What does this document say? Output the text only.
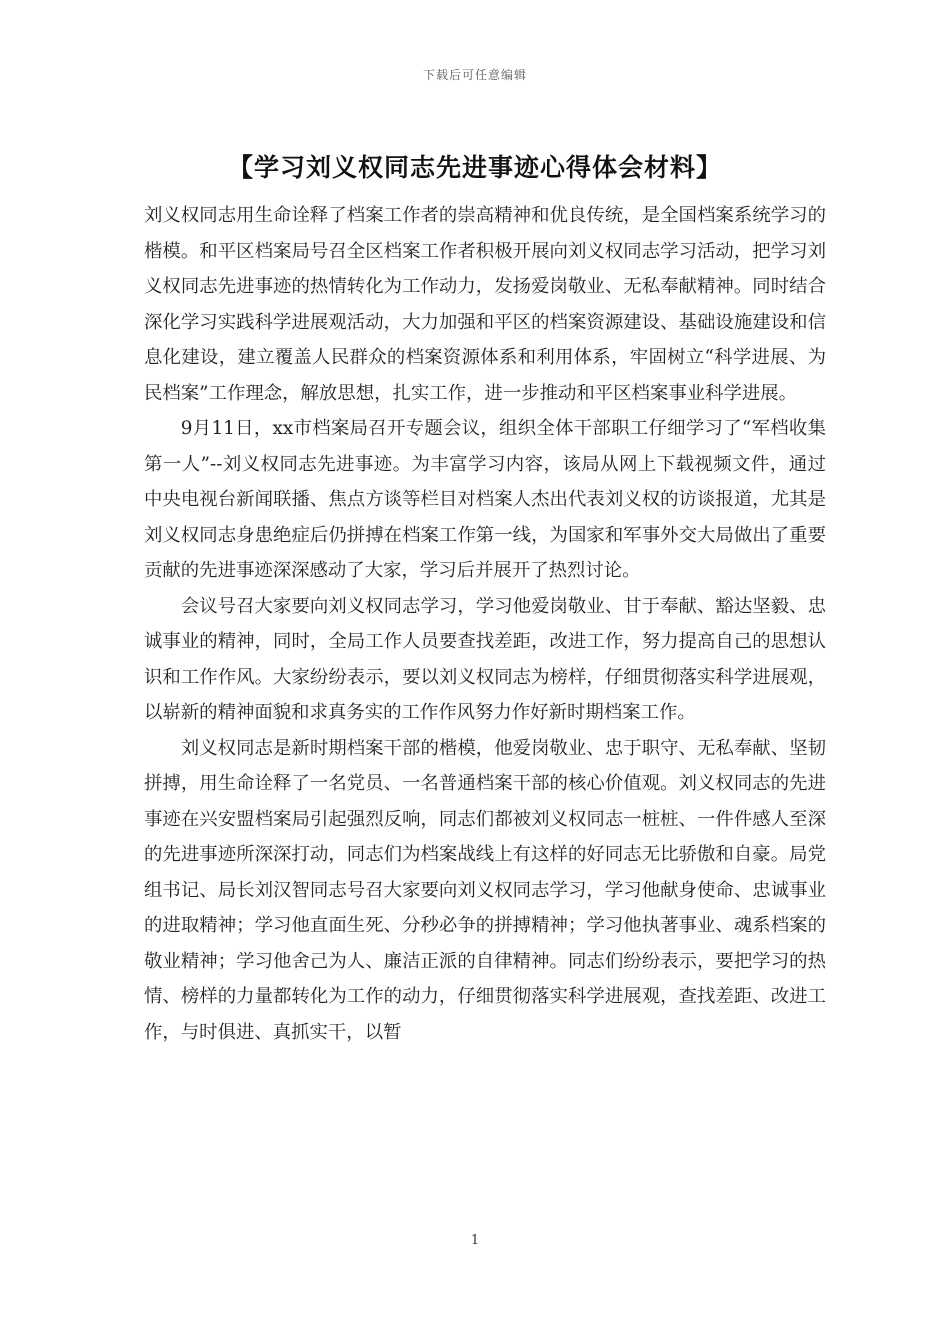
下载后可任意编辑
【学习刘义权同志先进事迹心得体会材料】

刘义权同志用生命诠释了档案工作者的崇高精神和优良传统，是全国档案系统学习的楷模。和平区档案局号召全区档案工作者积极开展向刘义权同志学习活动，把学习刘义权同志先进事迹的热情转化为工作动力，发扬爱岗敬业、无私奉献精神。同时结合深化学习实践科学进展观活动，大力加强和平区的档案资源建设、基础设施建设和信息化建设，建立覆盖人民群众的档案资源体系和利用体系，牢固树立“科学进展、为民档案”工作理念，解放思想，扎实工作，进一步推动和平区档案事业科学进展。

9月11日，xx市档案局召开专题会议，组织全体干部职工仔细学习了“军档收集第一人”--刘义权同志先进事迹。为丰富学习内容，该局从网上下载视频文件，通过中央电视台新闻联播、焦点方谈等栏目对档案人杰出代表刘义权的访谈报道，尤其是刘义权同志身患绝症后仍拼搏在档案工作第一线，为国家和军事外交大局做出了重要贡献的先进事迹深深感动了大家，学习后并展开了热烈讨论。

会议号召大家要向刘义权同志学习，学习他爱岗敬业、甘于奉献、豁达坚毅、忠诚事业的精神，同时，全局工作人员要查找差距，改进工作，努力提高自己的思想认识和工作作风。大家纷纷表示，要以刘义权同志为榜样，仔细贯彻落实科学进展观，以崭新的精神面貌和求真务实的工作作风努力作好新时期档案工作。

刘义权同志是新时期档案干部的楷模，他爱岗敬业、忠于职守、无私奉献、坚韧拼搏，用生命诠释了一名党员、一名普通档案干部的核心价值观。刘义权同志的先进事迹在兴安盟档案局引起强烈反响，同志们都被刘义权同志一桩桩、一件件感人至深的先进事迹所深深打动，同志们为档案战线上有这样的好同志无比骄傲和自豪。局党组书记、局长刘汉智同志号召大家要向刘义权同志学习，学习他献身使命、忠诚事业的进取精神；学习他直面生死、分秒必争的拼搏精神；学习他执著事业、魂系档案的敬业精神；学习他舍己为人、廉洁正派的自律精神。同志们纷纷表示，要把学习的热情、榜样的力量都转化为工作的动力，仔细贯彻落实科学进展观，查找差距、改进工作，与时俱进、真抓实干，以暂

1
